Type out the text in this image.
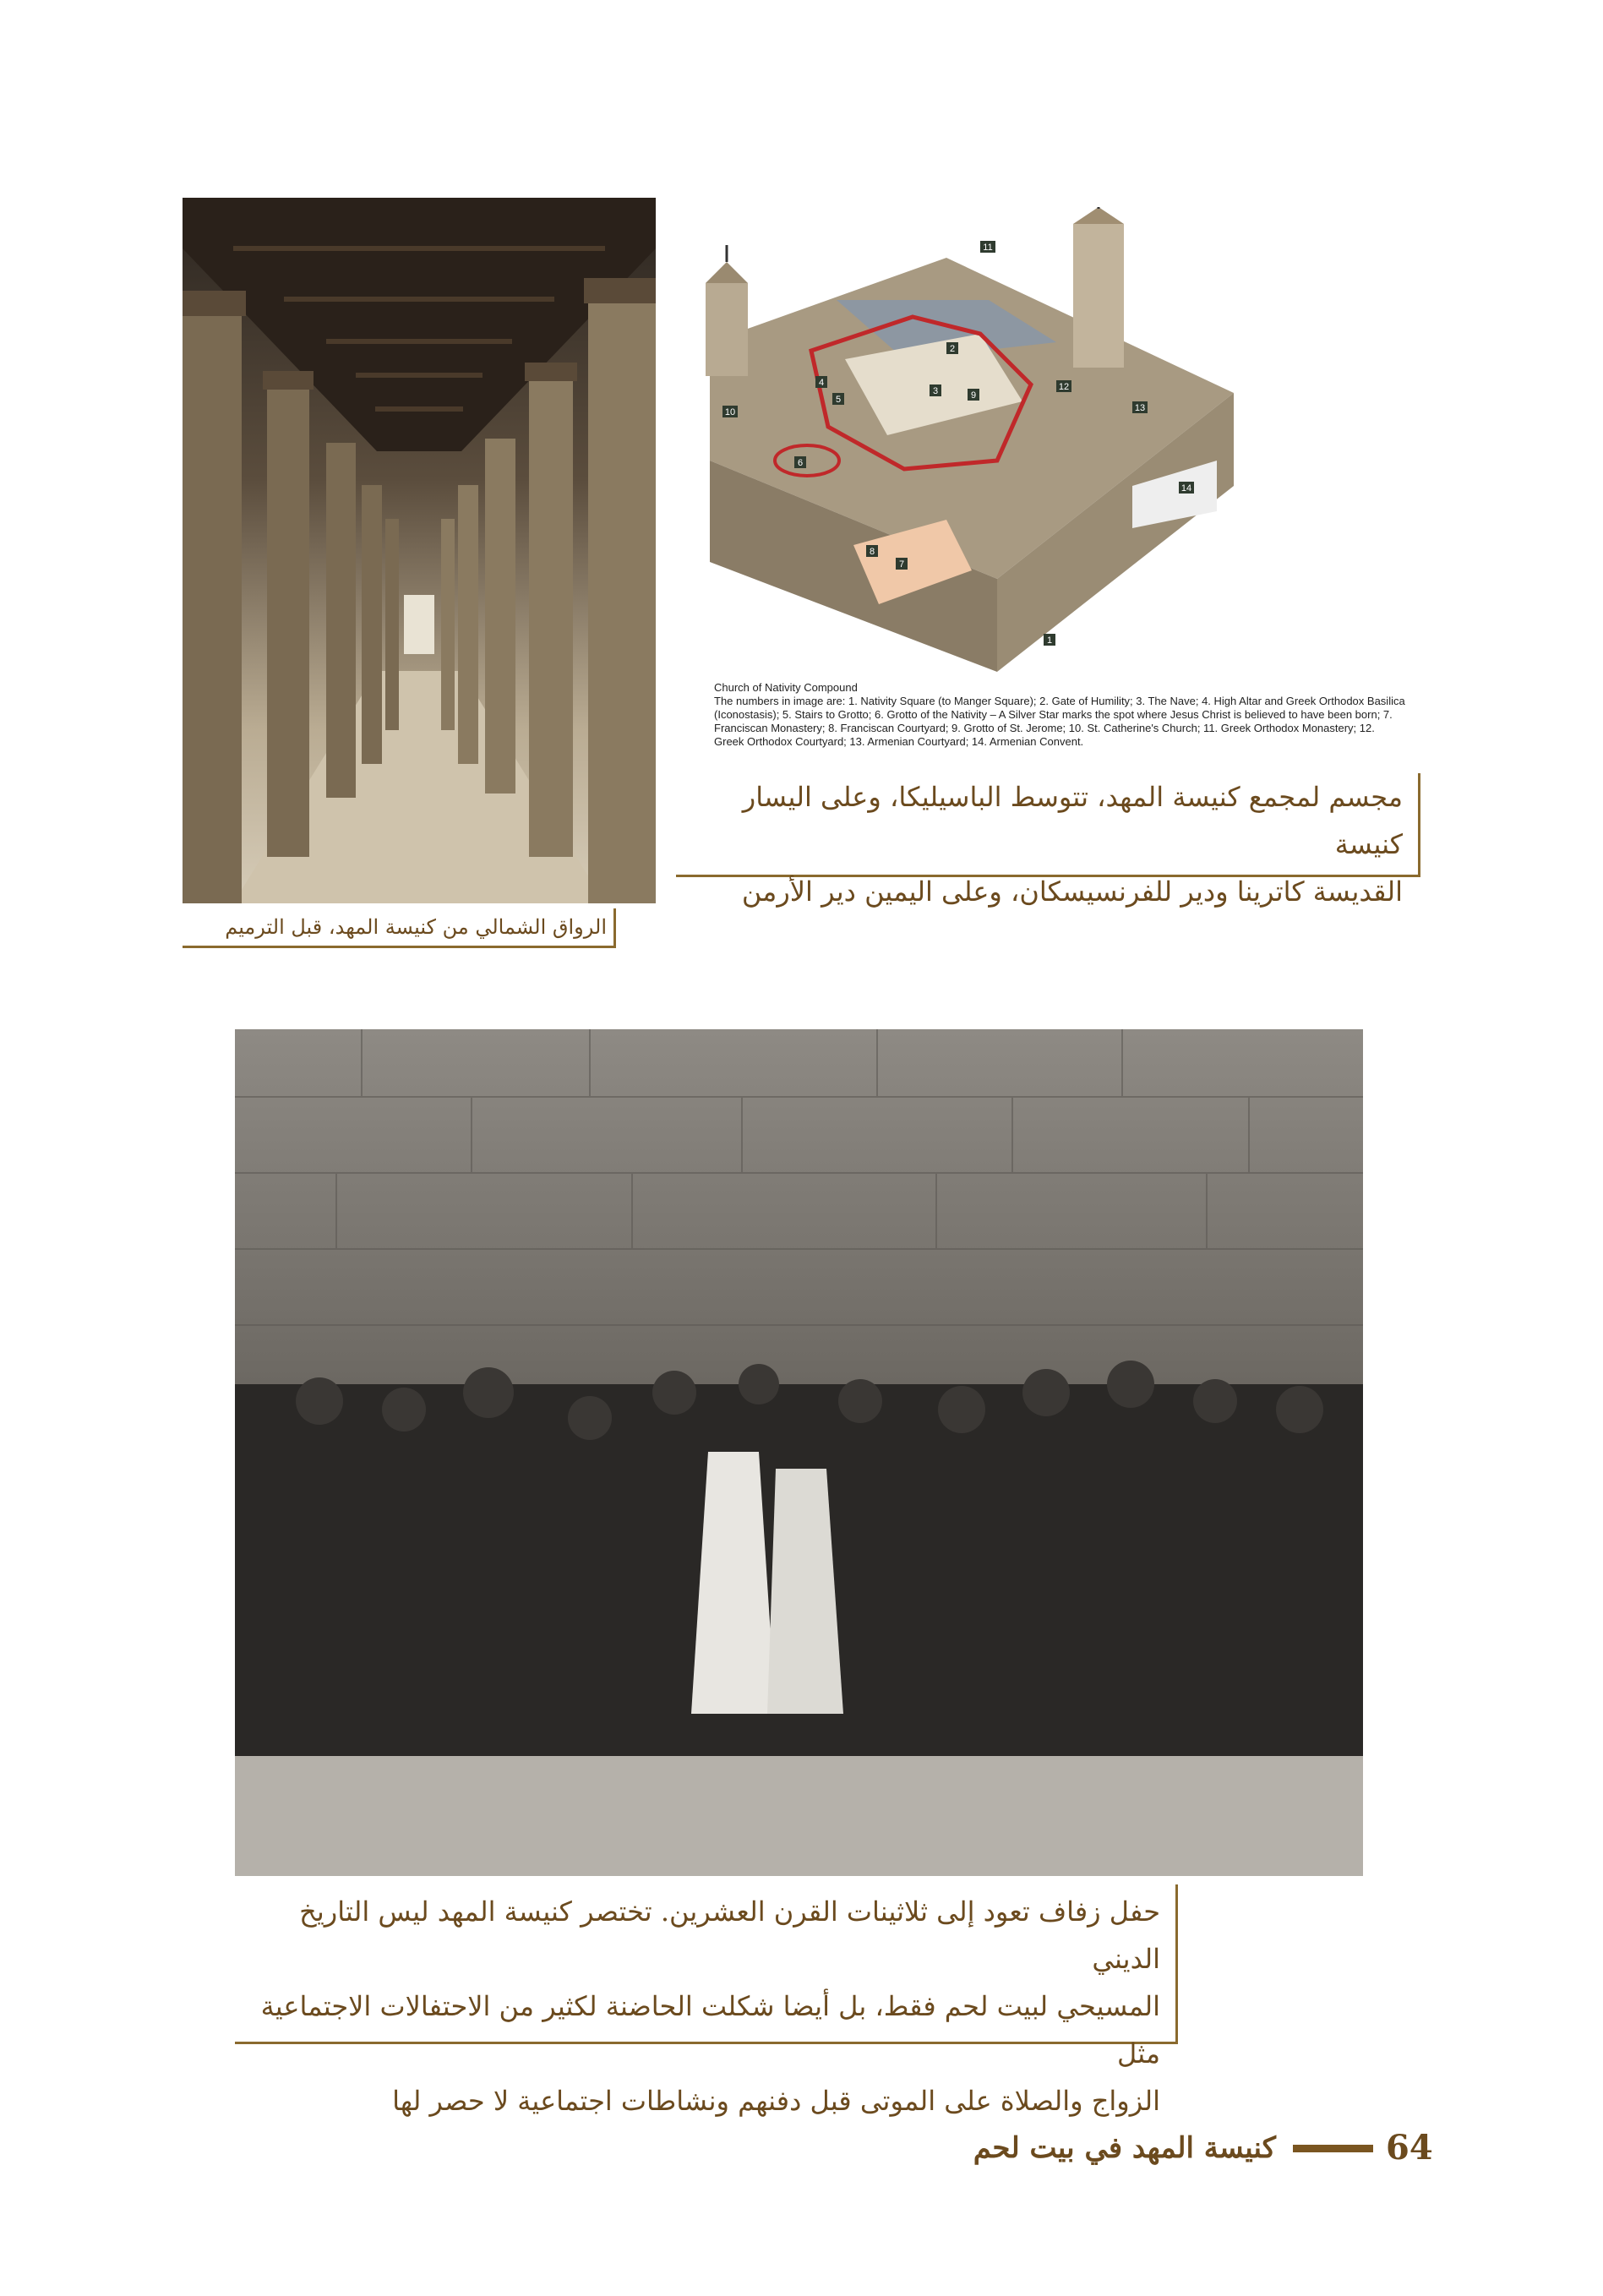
الرواق الشمالي من كنيسة المهد، قبل الترميم
11
12
13
14
10
4
5
6
8
7
3	9
1
2
Church of Nativity Compound
The numbers in image are: 1. Nativity Square (to Manger Square); 2. Gate of Humility; 3. The Nave; 4. High Altar and Greek Orthodox Basilica (Iconostasis); 5. Stairs to Grotto; 6. Grotto of the Nativity – A Silver Star marks the spot where Jesus Christ is believed to have been born; 7. Franciscan Monastery; 8. Franciscan Courtyard; 9. Grotto of St. Jerome; 10. St. Catherine's Church; 11. Greek Orthodox Monastery; 12. Greek Orthodox Courtyard; 13. Armenian Courtyard; 14. Armenian Convent.
مجسم لمجمع كنيسة المهد، تتوسط الباسيليكا، وعلى اليسار كنيسة
القديسة كاترينا ودير للفرنسيسكان، وعلى اليمين دير الأرمن
حفل زفاف تعود إلى ثلاثينات القرن العشرين. تختصر كنيسة المهد ليس التاريخ الديني
المسيحي لبيت لحم فقط، بل أيضا شكلت الحاضنة لكثير من الاحتفالات الاجتماعية مثل
الزواج والصلاة على الموتى قبل دفنهم ونشاطات اجتماعية لا حصر لها
كنيسة المهد في بيت لحم	64
